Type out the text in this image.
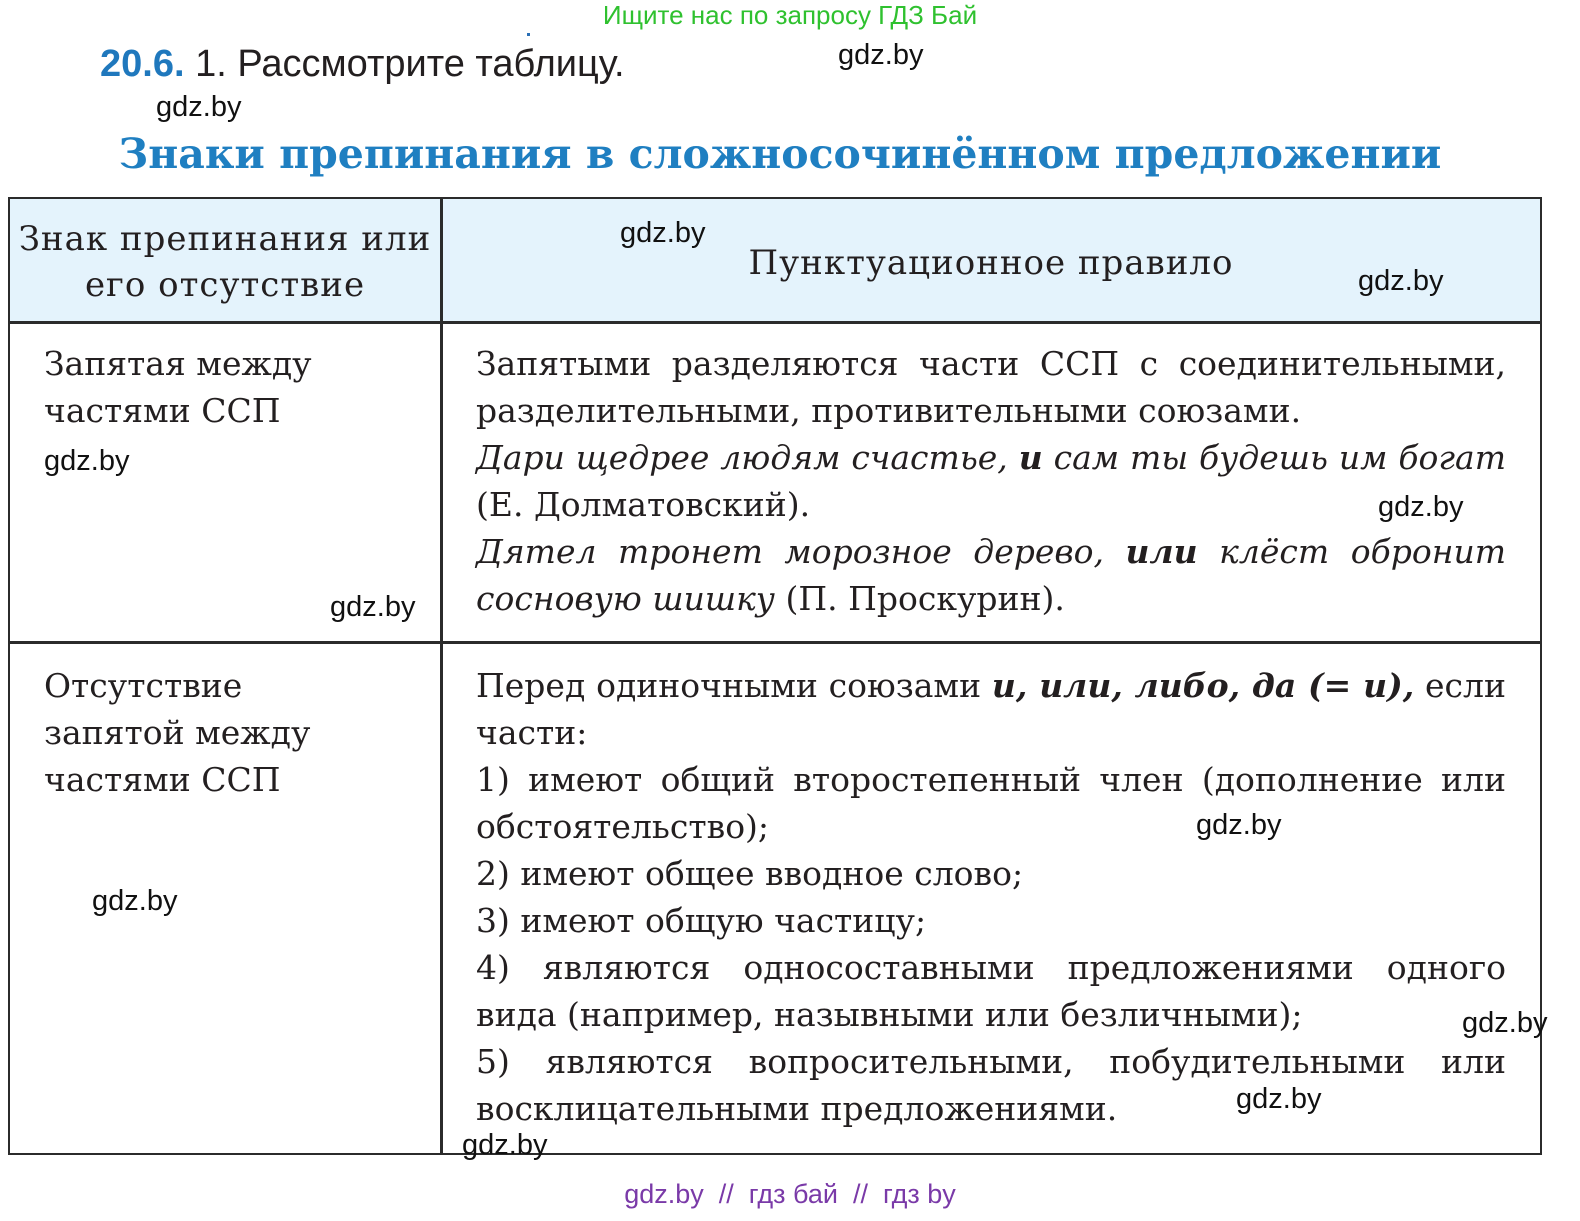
Ищите нас по запросу ГДЗ Бай
20.6. 1. Рассмотрите таблицу.
Знаки препинания в сложносочинённом предложении
Знак препинания или его отсутствие
Пунктуационное правило
Запятая между частями ССП

Запятыми разделяются части ССП с соединительными, разделительными, противительными союзами.

Дари щедрее людям счастье, и сам ты будешь им богат (Е. Долматовский).

Дятел тронет морозное дерево, или клёст обронит сосновую шишку (П. Проскурин).

Отсутствие запятой между частями ССП

Перед одиночными союзами и, или, либо, да (= и), если части:

1) имеют общий второстепенный член (дополнение или обстоятельство);

2) имеют общее вводное слово;

3) имеют общую частицу;

4) являются односоставными предложениями одного вида (например, назывными или безличными);

5) являются вопросительными, побудительными или восклицательными предложениями.

gdz.by
gdz.by
gdz.by
gdz.by
gdz.by
gdz.by
gdz.by
gdz.by
gdz.by
gdz.by
gdz.by
gdz.by
gdz.by  //  гдз бай  //  гдз by
